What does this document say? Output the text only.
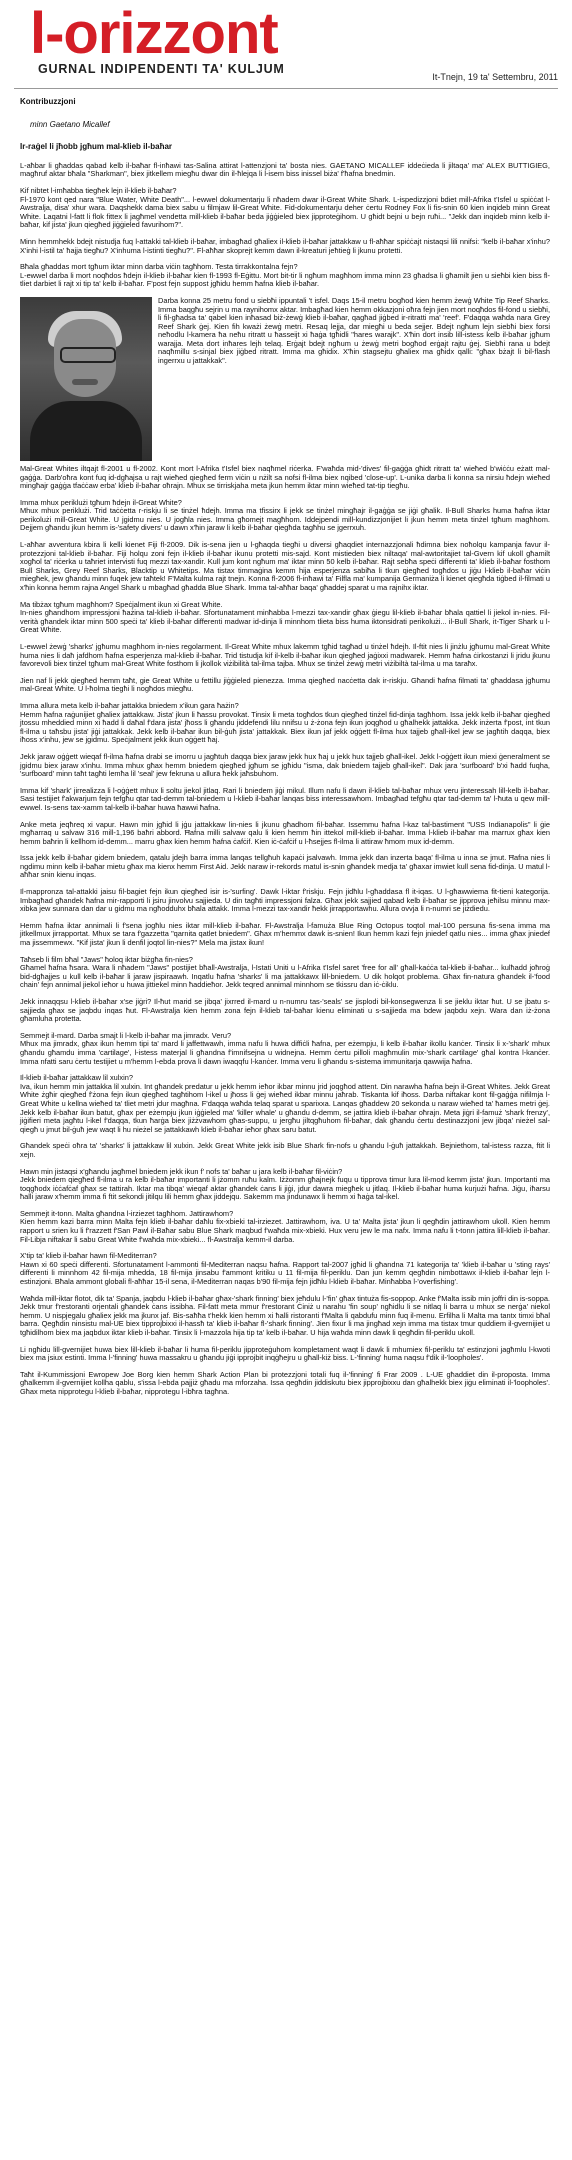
l-orizzont
GURNAL INDIPENDENTI TA' KULJUM
It-Tnejn, 19 ta' Settembru, 2011
Kontribuzzjoni
minn Gaetano Micallef
Ir-raġel li jħobb jgħum mal-klieb il-baħar

L-aħbar li għaddas qabad kelb il-baħar fl-inħawi tas-Salina attirat l-attenzjoni ta' bosta nies. GAETANO MICALLEF iddeċieda li jiltaqa' ma' ALEX BUTTIGIEG, magħruf aktar bħala "Sharkman", biex jitkellem miegħu dwar din il-ħlejqa li l-isem biss inissel biża' f'ħafna bnedmin.

Kif nibtet l-imħabba tiegħek lejn il-klieb il-baħar?

Fl-1970 kont qed nara "Blue Water, White Death"... l-ewwel dokumentarju li nħadem dwar il-Great White Shark. L-ispedizzjoni bdiet mill-Afrika t'Isfel u spiċċat l-Awstralja, disa' xhur wara. Daqshekk dama biex sabu u filmjaw lil-Great White. Fid-dokumentarju deher ċertu Rodney Fox li fis-snin 60 kien inqideb minn Great White. Laqatni l-fatt li flok fittex li jagħmel vendetta mill-klieb il-baħar beda jiġġieled biex jipproteġihom. U għidt bejni u bejn ruħi... "Jekk dan inqideb minn kelb il-baħar, kif jista' jkun qiegħed jiġġieled favurihom?".

Minn hemmhekk bdejt nistudja fuq l-attakki tal-klieb il-baħar, imbagħad għaliex il-klieb il-baħar jattakkaw u fl-aħħar spiċċajt nistaqsi lili nnifsi: "kelb il-baħar x'inhu? X'inhi l-istil ta' ħajja tiegħu? X'inhuma l-istinti tiegħu?". Fl-aħħar skoprejt kemm dawn il-kreaturi jeħtieġ li jkunu protetti.

Bħala għaddas mort tgħum iktar minn darba viċin tagħhom. Testa tirrakkontalna fejn?

L-ewwel darba li mort noqħdos ħdejn il-klieb il-baħar kien fl-1993 fl-Eġittu. Mort bit-tir li ngħum magħhom imma minn 23 għadsa li għamilt jien u sieħbi kien biss fl-tliet darbiet li rajt xi tip ta' kelb il-baħar. F'post fejn suppost jgħidu hemm ħafna klieb il-baħar.

Darba konna 25 metru fond u siebħi ippuntali 't isfel. Daqs 15-il metru bogħod kien hemm żewġ White Tip Reef Sharks. Imma baqgħu sejrin u ma raynihomx aktar. Imbagħad kien hemm okkazjoni oħra fejn jien mort noqħdos fil-fond u siebħi, li fil-għadsa ta' qabel kien inħasad biż-żewġ klieb il-baħar, qagħad jiġbed ir-ritratti ma' 'reef'. F'daqqa waħda nara Grey Reef Shark ġej. Kien fih kważi żewġ metri. Resaq lejja, dar miegħi u beda sejjer. Bdejt ngħum lejn siebħi biex forsi neħodlu l-kamera ħa neħu ritratt u ħasseijt xi ħaġa tgħidli "hares warajk". X'ħin dort insib lill-istess kelb il-baħar jgħum warajja. Meta dort inħares lejh telaq. Erġajt bdejt ngħum u żewġ metri bogħod erġajt rajtu ġej. Siebħi rana u bdejt naqħmillu s-sinjal biex jiġbed ritratt. Imma ma għidix. X'ħin stagsejtu għaliex ma għidx qalli: "għax bżajt li bil-flash ingerrxu u jattakkak".

Mal-Great Whites iltqajt fl-2001 u fl-2002. Kont mort l-Afrika t'Isfel biex naqħmel riċerka. F'waħda mid-'dives' fil-gaġġa għidt ritratt ta' wieħed b'wiċċu eżatt mal-gaġġa. Darb'oħra kont fuq id-dgħajsa u rajt wieħed qiegħed ferm viċin u nżilt sa nofsi fl-ilma biex nqibed 'close-up'. L-unika darba li konna sa nirsiu ħdejn wieħed mingħajr gaġġa tfaċċaw erba' klieb il-baħar oħrajn. Mhux se tirriskjaha meta jkun hemm iktar minn wieħed tat-tip tiegħu.

Imma mhux periklużi tgħum ħdejn il-Great White?

Mhux mhux periklużi. Trid taċċetta r-riskju li se tinżel ħdejh. Imma ma tfissirx li jekk se tinżel mingħajr il-gaġġa se jiġi għalik. Il-Bull Sharks huma ħafna iktar perikolużi mill-Great White. U jgidmu nies. U jogħla nies. Imma għomejt magħhom. Iddejpendi mill-kundizzjonijiet li jkun hemm meta tinżel tgħum magħhom. Dejjem għandu jkun hemm is-'safety divers' u dawn x'ħin jaraw li kelb il-baħar qiegħda tagħhu se jgerrxuh.

L-aħħar avventura kbira li kelli kienet Fiji fl-2009. Dik is-sena jien u l-għaqda tiegħi u diversi għaqdiet internazzjonali ħdimna biex noħolqu kampanja favur il-protezzjoni tal-klieb il-baħar. Fiji holqu zoni fejn il-klieb il-baħar ikunu protetti mis-sajd. Kont mistieden biex niltaqa' mal-awtoritajiet tal-Gvern kif ukoll għamilt xogħol ta' riċerka u taħriet intervisti fuq mezzi tax-xandir. Kull jum kont ngħum ma' iktar minn 50 kelb il-baħar. Rajt sebħa speċi differenti ta' klieb il-baħar fosthom Bull Sharks, Grey Reef Sharks, Blacktip u Whitetips. Ma tistax timmaġina kemm hija esperjenza sabiħa li tkun qiegħed togħdos u jiġu l-klieb il-baħar viċin miegħek, jew għandu minn fuqek jew taħtek! F'Malta kulma rajt tnejn. Konna fl-2006 fl-inħawi ta' Filfla ma' kumpanija Germaniża li kienet qiegħda tiġbed il-filmati u x'ħin konna hemm rajna Angel Shark u mbagħad għadda Blue Shark. Imma tal-aħħar baqa' għaddej sparat u ma rajnihx iktar.

Ma tibżax tgħum magħhom? Speċjalment ikun xi Great White.

In-nies għandhom impressjoni ħażina tal-klieb il-baħar. Sfortunatament minħabba l-mezzi tax-xandir għax ġiegu lil-klieb il-baħar bħala qattiel li jiekol in-nies. Fil-verità għandek iktar minn 500 speċi ta' klieb il-baħar differenti madwar id-dinja li minnhom tlieta biss huma iktonsidrati perikolużi... il-Bull Shark, it-Tiger Shark u l-Great White.

L-ewwel żewġ 'sharks' jgħumu magħhom in-nies regolarment. Il-Great White mhux lakemm tgħid tagħad u tinżel ħdejh. Il-ftit nies li jinżlu jgħumu mal-Great White huma nies li daħ jafdhom ħafna esperjenza mal-klieb il-baħar. Trid tistudja kif il-kelb il-baħar ikun qiegħed jaġixxi madwarek. Hemm ħafna ċirkostanzi li jridu jkunu favorevoli biex tinżel tgħum mal-Great White fosthom li jkollok viżibilità tal-ilma tajba. Mhux se tinżel żewġ metri viżibiltà tal-ilma u ma taraħx.

Jien naf li jekk qiegħed hemm taħt, gie Great White u fettillu jiġġieled pienezza. Imma qiegħed nacċetta dak ir-riskju. Għandi ħafna filmati ta' għaddasa jgħumu mal-Great White. U l-ħolma tiegħi li nogħdos miegħu.

Imma allura meta kelb il-baħar jattakka bniedem x'ikun gara ħażin?

Hemm ħafna raġunijiet għaliex jattakkaw. Jista' jkun li ħassu provokat. Tinsix li meta togħdos tkun qiegħed tinżel fid-dinja tagħhom. Issa jekk kelb il-baħar qiegħed jtossu mheddied minn xi ħadd li daħal f'dara jista' jħoss li għandu jiddefendi lilu nnifsu u ż-żona fejn ikun joqgħod u għalhekk jattakka. Jekk inżerta f'post, int tkun fl-ilma u taħsbu jista' jiġi jattakkak. Jekk kelb il-baħar ikun bil-ġuħ jista' jattakkak. Biex ikun jaf jekk oġġett fl-ilma hux tajjeb għall-ikel jew se jagħtih daqqa, biex iħoss x'inhu, jew se jgidmu. Speċjalment jekk ikun oġġett ħaj.

Jekk jaraw oġġett wieqaf fl-ilma ħafna drabi se imorru u jagħtuh daqqa biex jaraw jekk hux ħaj u jekk hux tajjeb għall-ikel. Jekk l-oġġett ikun miexi ġeneralment se jgidmu biex jaraw x'inhu. Imma mhux għax hemm bniedem qiegħed jgħum se jgħidu "isma, dak bniedem tajjeb għall-ikel". Dak jara 'surfboard' b'xi ħadd fuqha, 'surfboard' minn taħt tagħti lemħa lil 'seal' jew fekruna u allura ħekk jaħsbuhom.

Imma kif 'shark' jirrealizza li l-oġġett mhux li soltu jiekol jitlaq. Rari li bniedem jiġi mikul. Illum nafu li dawn il-klieb tal-baħar mhux veru jinteressah lill-kelb il-baħar. Sasi testijiet f'akwarjum fejn tefgħu qtar tad-demm tal-bniedem u l-klieb il-baħar lanqas biss interessawhom. Imbagħad tefgħu qtar tad-demm ta' l-ħuta u qew mill-ewwel. Is-sens tax-xamm tal-kelb il-baħar huwa ħawwi ħafna.

Anke meta jeqħreq xi vapur. Hawn min jgħid li jġu jattakkaw lin-nies li jkunu għadhom fil-baħar. Issemmu ħafna l-kaz tal-bastiment "USS Indianapolis" li ġie mgħarraq u salvaw 316 mill-1,196 baħri abbord. Ħafna milli salvaw qalu li kien hemm ħin ittekol mill-klieb il-baħar. Imma l-klieb il-baħar ma marrux għax kien hemm baħrin li kellhom id-demm... marru għax kien hemm ħafna ċafċif. Kien iċ-ċafċif u l-ħsejjes fl-ilma li attiraw ħmom mux id-demm.

Issa jekk kelb il-baħar gidem bniedem, qatalu jdejh barra imma lanqas tellgħuh kapaċi jsalvawh. Imma jekk dan inzerta baqa' fl-ilma u inna se jmut. Ħafna nies li ngdimu minn kelb il-baħar mietu għax ma kienx hemm First Aid. Jekk naraw ir-rekords matul is-snin għandek medja ta' għaxar imwiet kull sena fid-dinja. U matul l-aħħar snin kienu inqas.

Il-mappronza tal-attakki jaisu fil-bagiet fejn ikun qiegħed isir is-'surfing'. Dawk l-iktar f'riskju. Fejn jidħlu l-għaddasa fl it-iqas. U l-għawwiema fit-tieni kategorija. Imbagħad għandek ħafna mir-rapporti li jsiru jinvolvu sajjieda. U din tagħti impressjoni falza. Għax jekk sajjied qabad kelb il-baħar se jipprova jeħilsu minnu max-xibka jew sunnara dan dar u gidmu ma ngħodduhx bħala attakk. Imma l-mezzi tax-xandir ħekk jirrapportawhu. Allura ovvja li n-numri se jiżdiedu.

Hemm ħafna iktar annimali li f'sena jogħlu nies iktar mill-klieb il-baħar. Fl-Awstralja l-famuża Blue Ring Octopus toqtol mal-100 persuna fis-sena imma ma jitkellmux jirrapportat. Mhux se tara f'gazzetta "qarnita qatlet bniedem". Għax m'hemmx dawk is-snien! Ikun hemm kazi fejn jniedef qatlu nies... imma għax jniedef ma jissemmewx. "Kif jista' jkun li denfil joqtol lin-nies?" Mela ma jistax ikun!

Taħseb li film bħal "Jaws" ħoloq iktar biżgħa fin-nies?

Għamel ħafna ħsara. Wara li nħadem "Jaws" postijiet bħall-Awstralja, l-Istati Uniti u l-Afrika t'Isfel saret 'free for all' għall-kaċċa tal-klieb il-baħar... kulħadd joħroġ bid-dgħajjes u kull kelb il-baħar li jaraw jispiraawh. Inqatlu ħafna 'sharks' li ma jattakkawx lill-bniedem. U dik holqot problema. Għax fin-natura għandek il-'food chain' fejn annimal jiekol ieħor u huwa jittiekel minn ħaddieħor. Jekk teqred annimal minnhom se tkissru dan iċ-ċiklu.

Jekk innaqqsu l-klieb il-baħar x'se jiġri? Il-ħut marid se jibqa' jixrred il-mard u n-numru tas-'seals' se jisplodi bil-konsegwenza li se jieklu iktar ħut. U se jbatu s-sajjieda għax se jaqbdu inqas ħut. Fl-Awstralja kien hemm zona fejn il-klieb tal-baħar kienu eliminati u s-sajjieda ma bdew jaqbdu xejn. Wara dan iż-żona għamluha protetta.

Semmejt il-mard. Darba smajt li l-kelb il-baħar ma jimradx. Veru?

Mhux ma jimradx, għax ikun hemm tipi ta' mard li jaffettwawh, imma nafu li huwa diffiċli ħafna, per eżempju, li kelb il-baħar ikollu kanċer. Tinsix li x-'shark' mhux għandu għamdu imma 'cartilage', l-istess materjal li għandna f'imnifsejna u widnejna. Hemm ċertu pilloli magħmulin mix-'shark cartilage' għal kontra l-kanċer. Imma nfatti saru ċertu testijiet u m'hemm l-ebda prova li dawn iwaqqfu l-kanċer. Imma veru li għandu s-sistema immunitarja qawwija ħafna.

Il-klieb il-baħar jattakkaw lil xulxin?

Iva, ikun hemm min jattakka lil xulxin. Int għandek predatur u jekk hemm ieħor ikbar minnu jrid joqgħod attent. Din narawha ħafna bejn il-Great Whites. Jekk Great White żgħir qiegħed f'żona fejn ikun qiegħed tagħtihom l-ikel u jħoss li ġej wieħed ikbar minnu jaħrab. Tiskanta kif iħoss. Darba niftakar kont fil-gaġġa nifilmja l-Great White u kellna wieħed ta' tliet metri jdur magħna. F'daqqa waħda telaq sparat u sparixxa. Lanqas għaddew 20 sekonda u naraw wieħed ta' ħames metri ġej. Jekk kelb il-baħar ikun batut, għax per eżempju jkun iġġieled ma' 'killer whale' u għandu d-demm, se jattira klieb il-baħar oħrajn. Meta jiġri il-famuż 'shark frenzy', jiġifieri meta jagħtu l-ikel f'daqqa, tkun ħarġa biex jiżżvawhom għas-suppu, u jergħu jiltqgħuhom fil-baħar, dak għandu ċertu destinazzjoni jew jibqa' nieżel sal-qiegħ u jmut bil-ġuħ jew waqt li hu nieżel se jattakkawh klieb il-baħar ieħor għax saru batut.

Għandek speċi oħra ta' 'sharks' li jattakkaw lil xulxin. Jekk Great White jekk isib Blue Shark fin-nofs u għandu l-ġuħ jattakkah. Bejniethom, tal-istess razza, ftit li xejn.

Hawn min jistaqsi x'għandu jagħmel bniedem jekk ikun f' nofs ta' baħar u jara kelb il-baħar fil-viċin?

Jekk bniedem qiegħed fl-ilma u ra kelb il-baħar importanti li jżomm ruħu kalm. Iżżomm għajnejk fuqu u tipprova timur lura lil-mod kemm jista' jkun. Importanti ma toqgħodx iċċafċaf għax se tattirah. Iktar ma tibqa' wieqaf aktar għandek ċans li jiġi, jdur dawra miegħek u jitlaq. Il-klieb il-baħar huma kurjużi ħafna. Jiġu, iħarsu ħalli jaraw x'hemm imma fi ftit sekondi jitilqu lili hemm għax jiddejqu. Sakemm ma jindunawx li hemm xi ħaġa tal-ikel.

Semmejt it-tonn. Malta għandna l-irziezet tagħhom. Jattirawhom?

Kien hemm kazi barra minn Malta fejn klieb il-baħar daħlu fix-xbieki tal-irziezet. Jattirawhom, iva. U ta' Malta jista' jkun li qegħdin jattirawhom ukoll. Kien hemm rapport u srien ku li f'razzett f'San Pawl il-Baħar sabu Blue Shark maqbud f'waħda mix-xbieki. Hux veru jew le ma nafx. Imma nafu li t-tonn jattira lill-klieb il-baħar. Fil-Libja niftakar li sabu Great White f'waħda mix-xbieki... fl-Awstralja kemm-il darba.

X'tip ta' klieb il-baħar hawn fil-Mediterran?

Hawn xi 60 speċi differenti. Sfortunatament l-ammonti fil-Mediterran naqsu ħafna. Rapport tal-2007 jgħid li għandna 71 kategorija ta' 'klieb il-baħar u 'sting rays' differenti li minnhom 42 fil-mija mhedda, 18 fil-mija jinsabu f'ammont kritiku u 11 fil-mija fil-periklu. Dan jun kemm qegħdin nimbottawx il-klieb il-baħar lejn l-estinzjoni. Bħala ammont globali fl-aħħar 15-il sena, il-Mediterran naqas b'90 fil-mija fejn jidħlu l-klieb il-baħar. Minħabba l-'overfishing'.

Waħda mill-iktar flotot, dik ta' Spanja, jaqbdu l-klieb il-baħar għax-'shark finning' biex jeħdulu l-'fin' għax tintuża fis-soppop. Anke f'Malta issib min joffri din is-soppa. Jekk tmur f'restoranti orjentali għandek ċans issibha. Fil-fatt meta mmur f'restorant Ċiniż u narahu 'fin soup' ngħidlu li se nitlaq li barra u mhux se nerġa' niekol hemm. U nispjegalu għaliex jekk ma jkunx jaf. Bis-saħħa t'hekk kien hemm xi ħalli ristoranti f'Malta li qabdufu minn fuq il-menu. Erfilha li Malta ma tantx timxi bħal barra. Qegħdin ninsistu mal-UE biex tipprojbixxi il-hassħ ta' klieb il-baħar fl-'shark finning'. Jien fixur li ma jingħad xejn imma ma tistax tmur quddiem il-gvernijiet u tgħidilhom biex ma jaqbdux iktar klieb il-baħar. Tinsix li l-mazzola hija tip ta' kelb il-baħar. U hija waħda minn dawk li qegħdin fil-periklu ukoll.

Li ngħidu lill-gvernijiet huwa biex lill-klieb il-baħar li huma fil-periklu jipproteġuhom kompletament waqt li dawk li mhumiex fil-periklu ta' estinzjoni jagħmlu l-kwoti biex ma jsiux estinti. Imma l-'finning' huwa massakru u għandu jiġi ipprojbit inqġħejru u għall-kiż biss. L-'finning' huma naqsu f'dik il-'loopholes'.

Taħt il-Kummissjoni Ewropew Joe Borg kien hemm Shark Action Plan bi protezzjoni totali fuq il-'finning' fi Frar 2009 . L-UE għaddiet din il-proposta. Imma għalkemm il-gvernijiet kollha qablu, s'issa l-ebda pajjiż għadu ma mforzaha. Issa qegħdin jiddiskutu biex jipprojbixxu dan għalhekk biex jiġu eliminati il-'loopholes'. Għax meta nipprotegu l-klieb il-baħar, nipprotegu l-ibħra tagħna.
